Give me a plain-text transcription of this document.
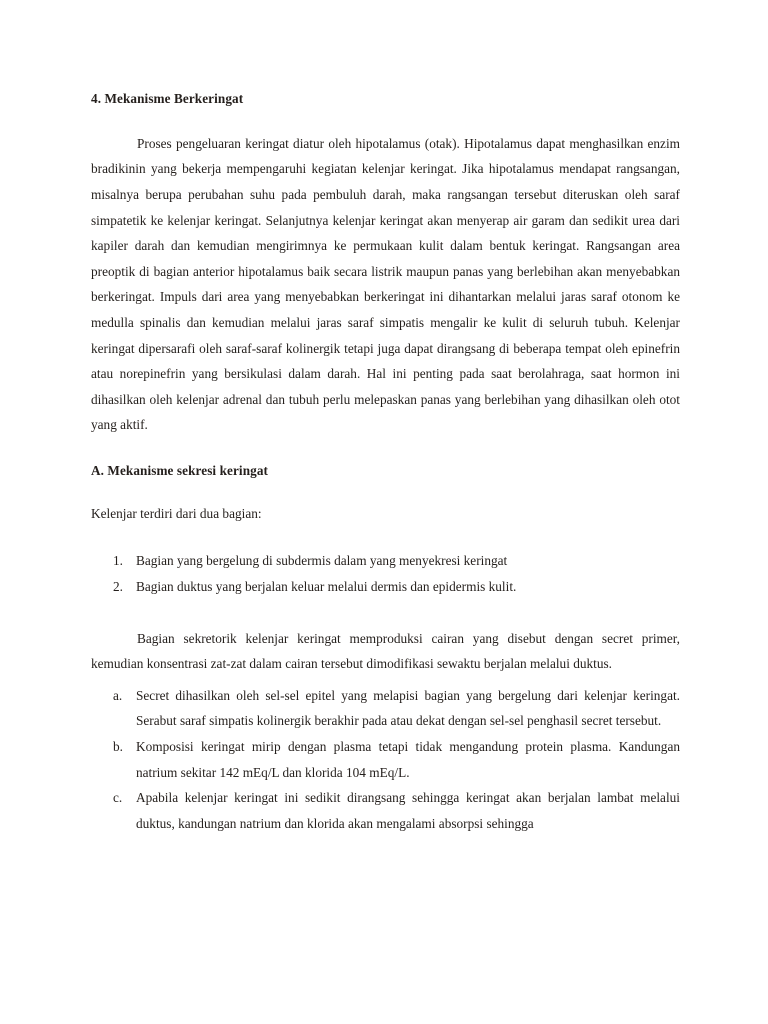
4. Mekanisme Berkeringat

Proses pengeluaran keringat diatur oleh hipotalamus (otak). Hipotalamus dapat menghasilkan enzim bradikinin yang bekerja mempengaruhi kegiatan kelenjar keringat. Jika hipotalamus mendapat rangsangan, misalnya berupa perubahan suhu pada pembuluh darah, maka rangsangan tersebut diteruskan oleh saraf simpatetik ke kelenjar keringat. Selanjutnya kelenjar keringat akan menyerap air garam dan sedikit urea dari kapiler darah dan kemudian mengirimnya ke permukaan kulit dalam bentuk keringat. Rangsangan area preoptik di bagian anterior hipotalamus baik secara listrik maupun panas yang berlebihan akan menyebabkan berkeringat. Impuls dari area yang menyebabkan berkeringat ini dihantarkan melalui jaras saraf otonom ke medulla spinalis dan kemudian melalui jaras saraf simpatis mengalir ke kulit di seluruh tubuh. Kelenjar keringat dipersarafi oleh saraf-saraf kolinergik tetapi juga dapat dirangsang di beberapa tempat oleh epinefrin atau norepinefrin yang bersikulasi dalam darah. Hal ini penting pada saat berolahraga, saat hormon ini dihasilkan oleh kelenjar adrenal dan tubuh perlu melepaskan panas yang berlebihan yang dihasilkan oleh otot yang aktif.

A. Mekanisme sekresi keringat

Kelenjar terdiri dari dua bagian:

1. Bagian yang bergelung di subdermis dalam yang menyekresi keringat
2. Bagian duktus yang berjalan keluar melalui dermis dan epidermis kulit.

Bagian sekretorik kelenjar keringat memproduksi cairan yang disebut dengan secret primer, kemudian konsentrasi zat-zat dalam cairan tersebut dimodifikasi sewaktu berjalan melalui duktus.

a.	Secret dihasilkan oleh sel-sel epitel yang melapisi bagian yang bergelung dari kelenjar keringat. Serabut saraf simpatis kolinergik berakhir pada atau dekat dengan sel-sel penghasil secret tersebut.
b. Komposisi keringat mirip dengan plasma tetapi tidak mengandung protein plasma. Kandungan natrium sekitar 142 mEq/L dan klorida 104 mEq/L.
c.	Apabila kelenjar keringat ini sedikit dirangsang sehingga keringat akan berjalan lambat melalui duktus, kandungan natrium dan klorida akan mengalami absorpsi sehingga
